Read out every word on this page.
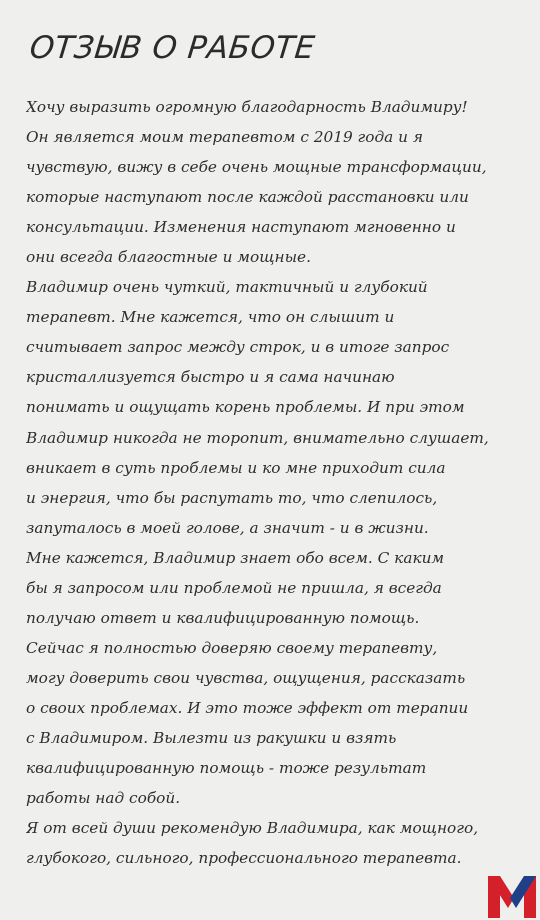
ОТЗЫВ О РАБОТЕ
Хочу выразить огромную благодарность Владимиру!
Он является моим терапевтом с 2019 года и я
чувствую, вижу в себе очень мощные трансформации,
которые наступают после каждой расстановки или
консультации. Изменения наступают мгновенно и
они всегда благостные и мощные.
Владимир очень чуткий, тактичный и глубокий
терапевт. Мне кажется, что он слышит и
считывает запрос между строк, и в итоге запрос
кристаллизуется быстро и я сама начинаю
понимать и ощущать корень проблемы. И при этом
Владимир никогда не торопит, внимательно слушает,
вникает в суть проблемы и ко мне приходит сила
и энергия, что бы распутать то, что слепилось,
запуталось в моей голове, а значит - и в жизни.
Мне кажется, Владимир знает обо всем. С каким
бы я запросом или проблемой не пришла, я всегда
получаю ответ и квалифицированную помощь.
Сейчас я полностью доверяю своему терапевту,
могу доверить свои чувства, ощущения, рассказать
о своих проблемах. И это тоже эффект от терапии
с Владимиром. Вылезти из ракушки и взять
квалифицированную помощь - тоже результат
работы над собой.
Я от всей души рекомендую Владимира, как мощного,
глубокого, сильного, профессионального терапевта.
